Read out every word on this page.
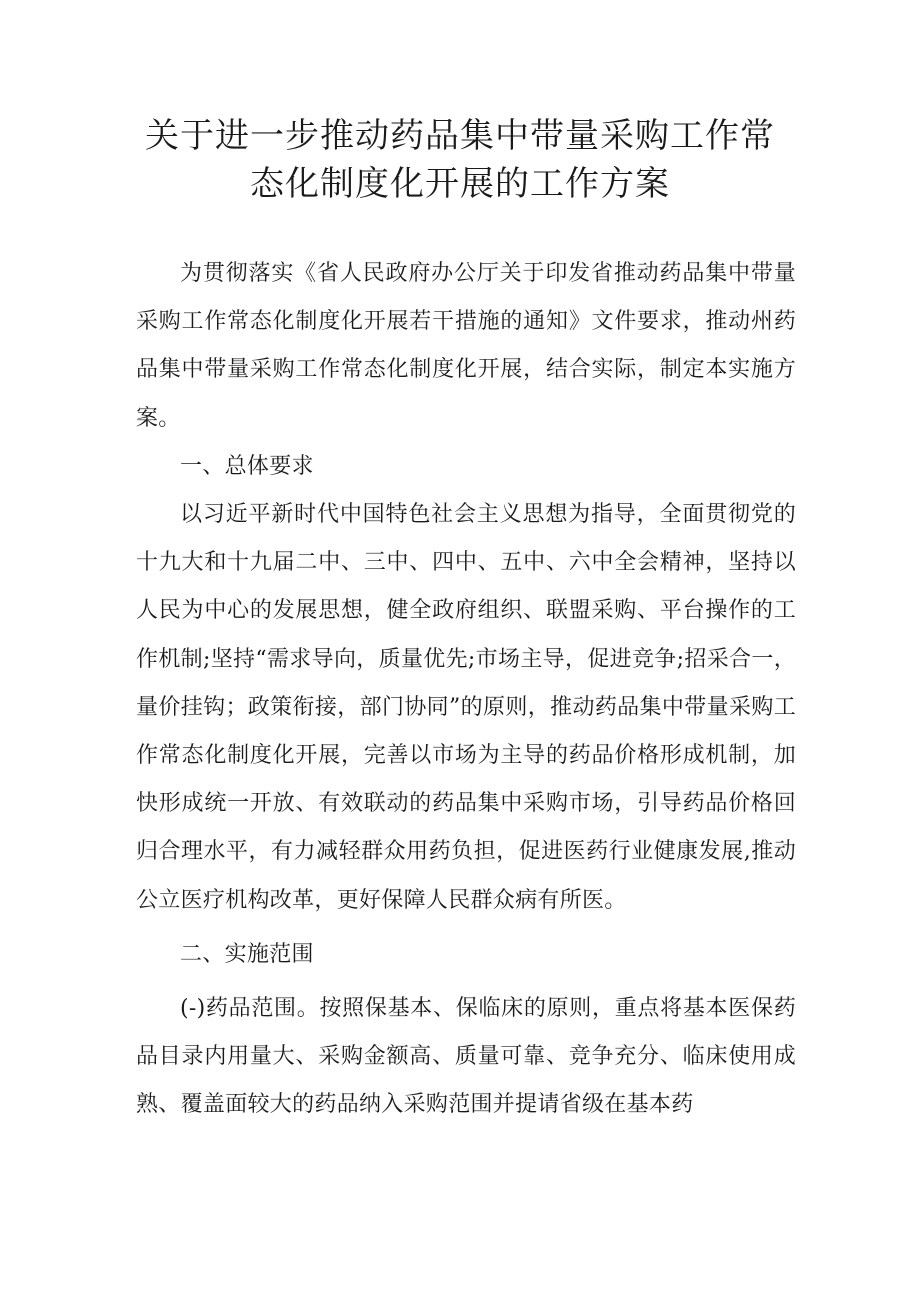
关于进一步推动药品集中带量采购工作常
态化制度化开展的工作方案

为贯彻落实《省人民政府办公厅关于印发省推动药品集中带量采购工作常态化制度化开展若干措施的通知》文件要求，推动州药品集中带量采购工作常态化制度化开展，结合实际，制定本实施方案。

一、总体要求

以习近平新时代中国特色社会主义思想为指导，全面贯彻党的十九大和十九届二中、三中、四中、五中、六中全会精神，坚持以人民为中心的发展思想，健全政府组织、联盟采购、平台操作的工作机制;坚持“需求导向，质量优先;市场主导，促进竞争;招采合一，量价挂钩；政策衔接，部门协同”的原则，推动药品集中带量采购工作常态化制度化开展，完善以市场为主导的药品价格形成机制，加快形成统一开放、有效联动的药品集中采购市场，引导药品价格回归合理水平，有力减轻群众用药负担，促进医药行业健康发展,推动公立医疗机构改革，更好保障人民群众病有所医。

二、实施范围

(-)药品范围。按照保基本、保临床的原则，重点将基本医保药品目录内用量大、采购金额高、质量可靠、竞争充分、临床使用成熟、覆盖面较大的药品纳入采购范围并提请省级在基本药
